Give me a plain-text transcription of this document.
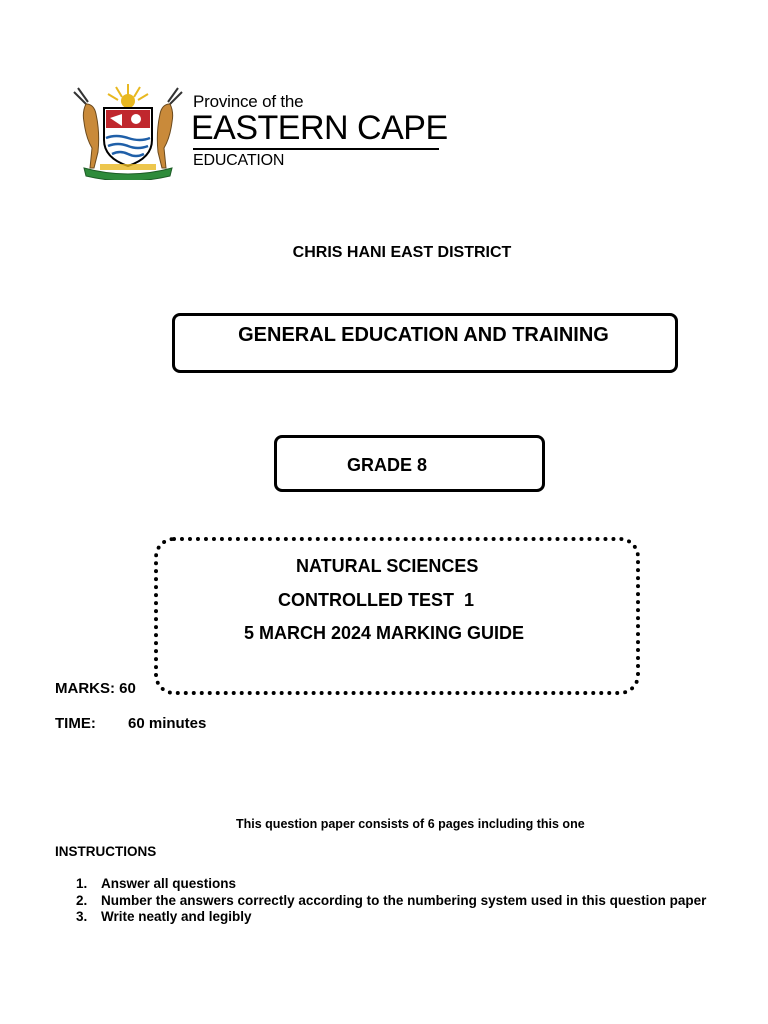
Province of the
EASTERN CAPE
EDUCATION
CHRIS HANI EAST DISTRICT
GENERAL EDUCATION AND TRAINING
GRADE 8
NATURAL SCIENCES
CONTROLLED TEST  1
5 MARCH 2024 MARKING GUIDE
MARKS: 60
TIME: 60 minutes
This question paper consists of 6 pages including this one
INSTRUCTIONS
1.	Answer all questions
2.	Number the answers correctly according to the numbering system used in this question paper
3.	Write neatly and legibly
